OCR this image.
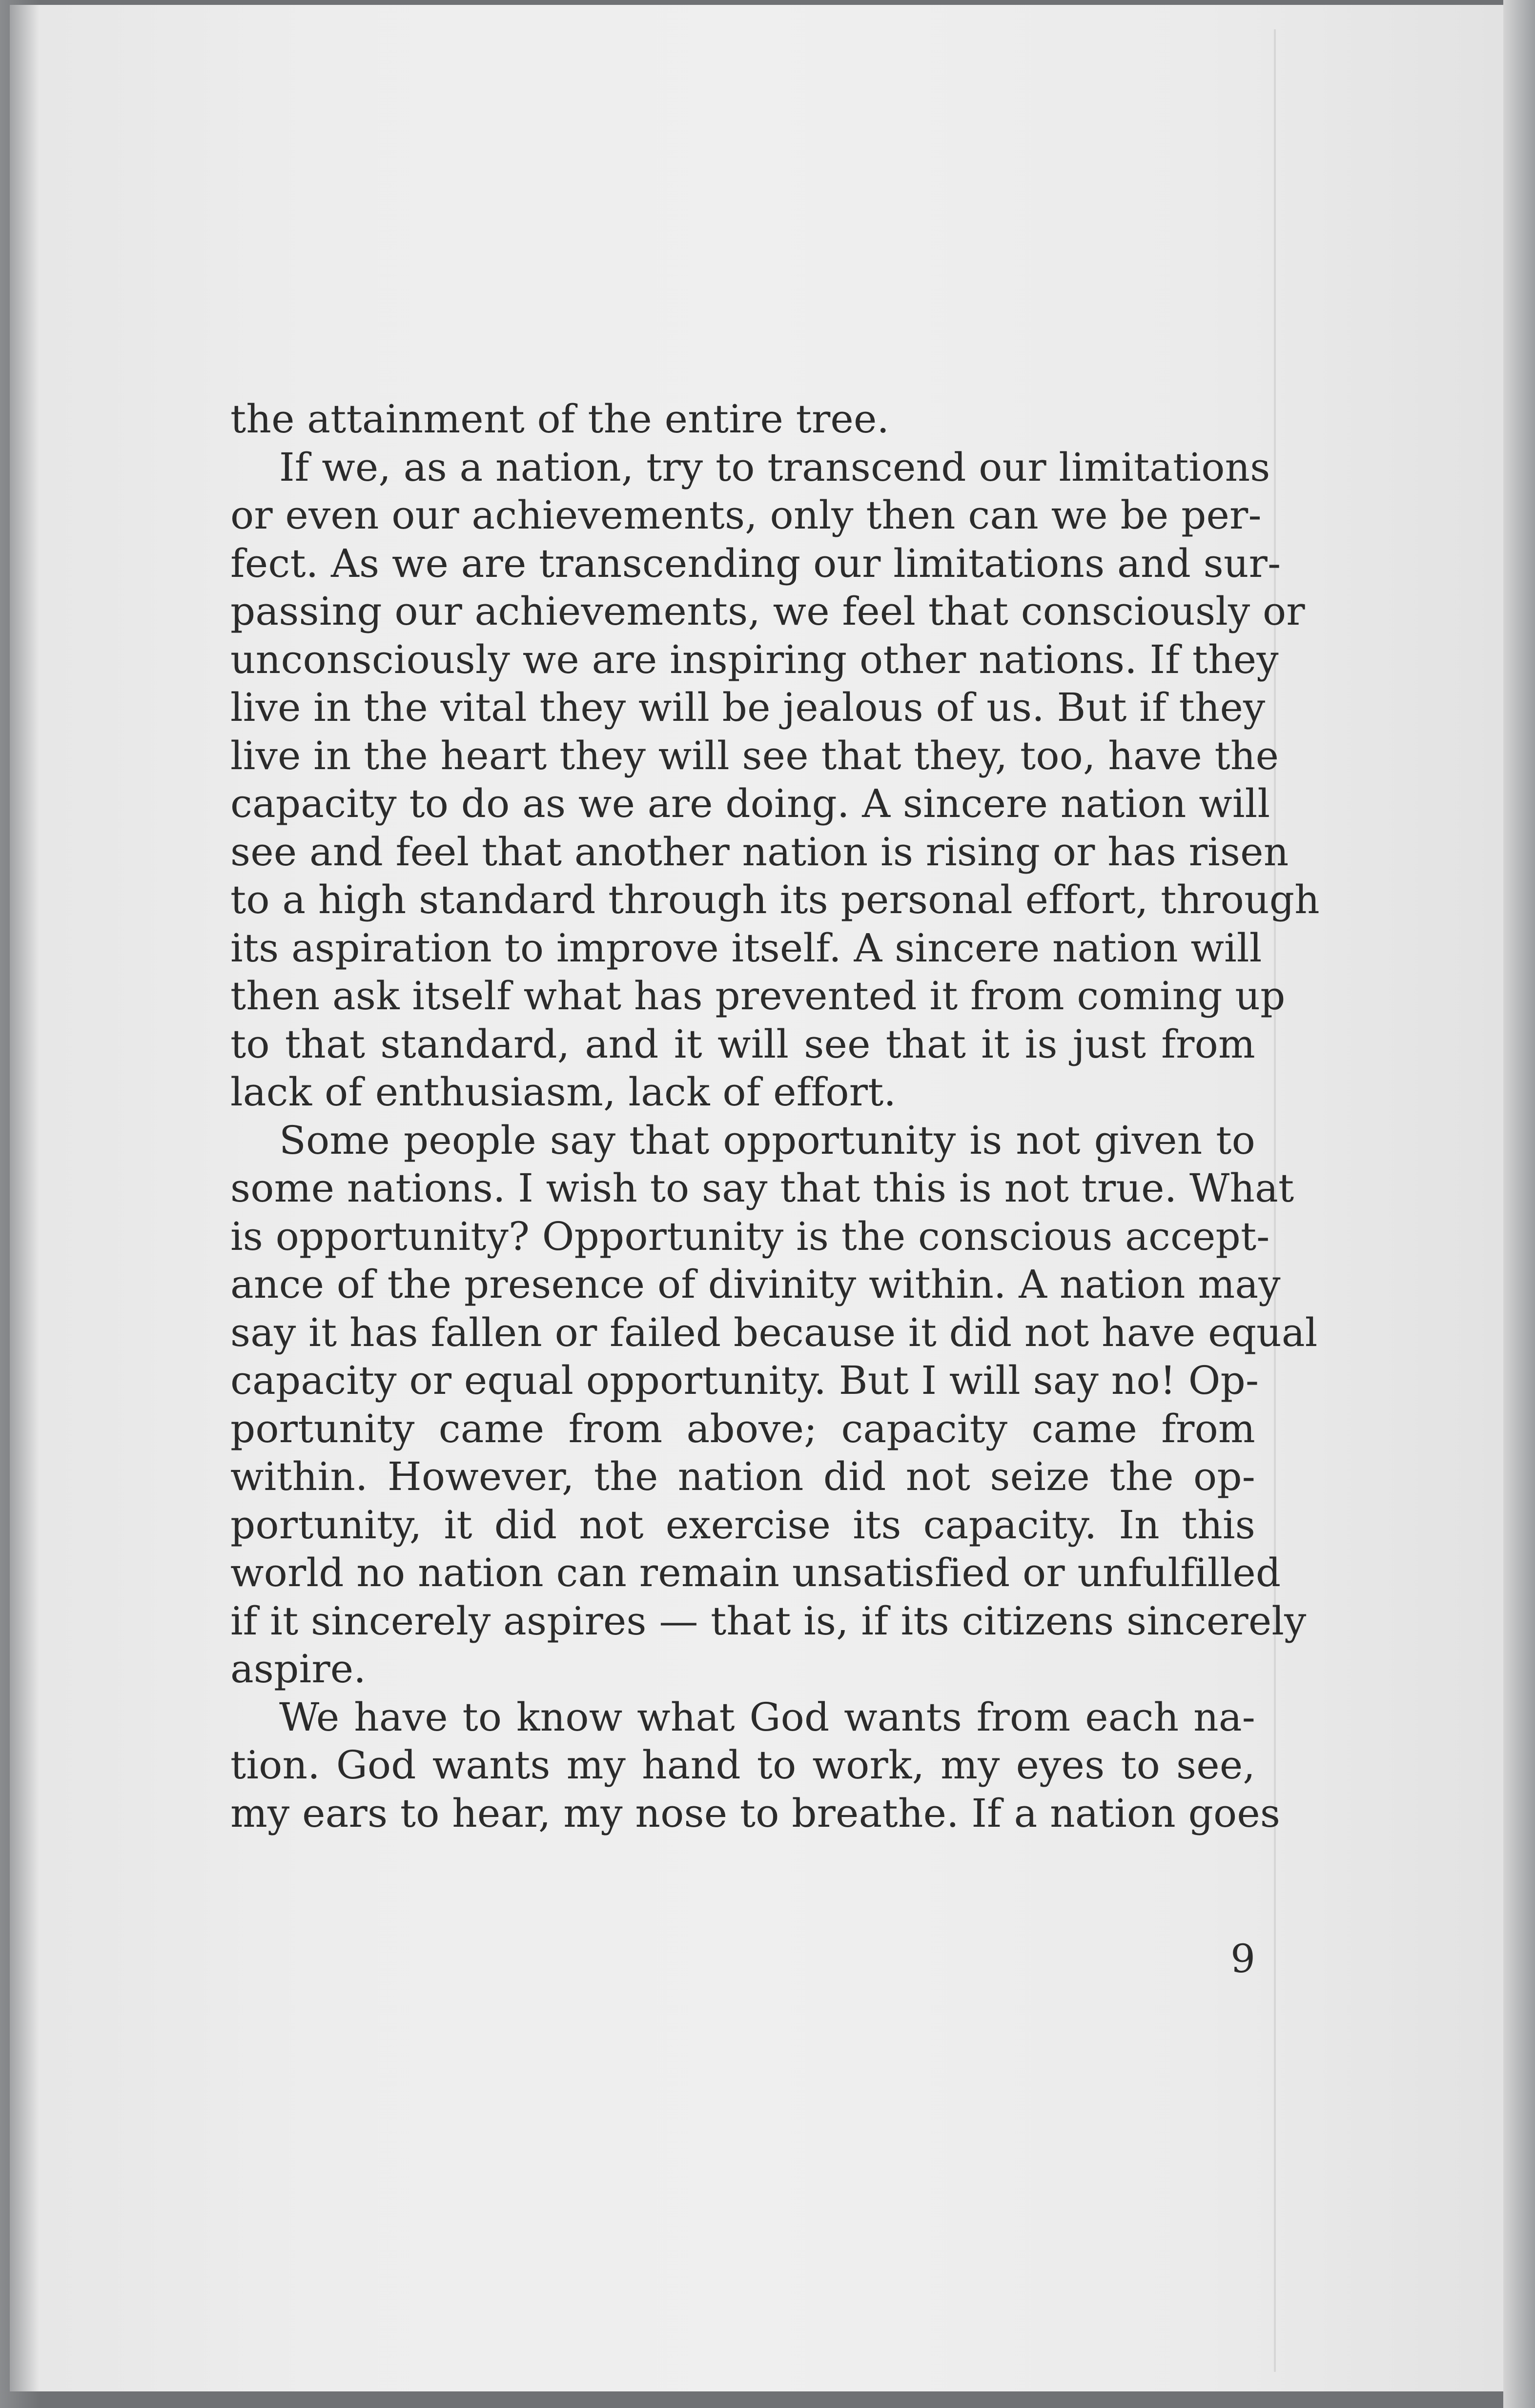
the attainment of the entire tree.
If we, as a nation, try to transcend our limitations
or even our achievements, only then can we be per-
fect. As we are transcending our limitations and sur-
passing our achievements, we feel that consciously or
unconsciously we are inspiring other nations. If they
live in the vital they will be jealous of us. But if they
live in the heart they will see that they, too, have the
capacity to do as we are doing. A sincere nation will
see and feel that another nation is rising or has risen
to a high standard through its personal effort, through
its aspiration to improve itself. A sincere nation will
then ask itself what has prevented it from coming up
to that standard, and it will see that it is just from
lack of enthusiasm, lack of effort.
Some people say that opportunity is not given to
some nations. I wish to say that this is not true. What
is opportunity? Opportunity is the conscious accept-
ance of the presence of divinity within. A nation may
say it has fallen or failed because it did not have equal
capacity or equal opportunity. But I will say no! Op-
portunity came from above; capacity came from
within. However, the nation did not seize the op-
portunity, it did not exercise its capacity. In this
world no nation can remain unsatisfied or unfulfilled
if it sincerely aspires — that is, if its citizens sincerely
aspire.
We have to know what God wants from each na-
tion. God wants my hand to work, my eyes to see,
my ears to hear, my nose to breathe. If a nation goes
9
